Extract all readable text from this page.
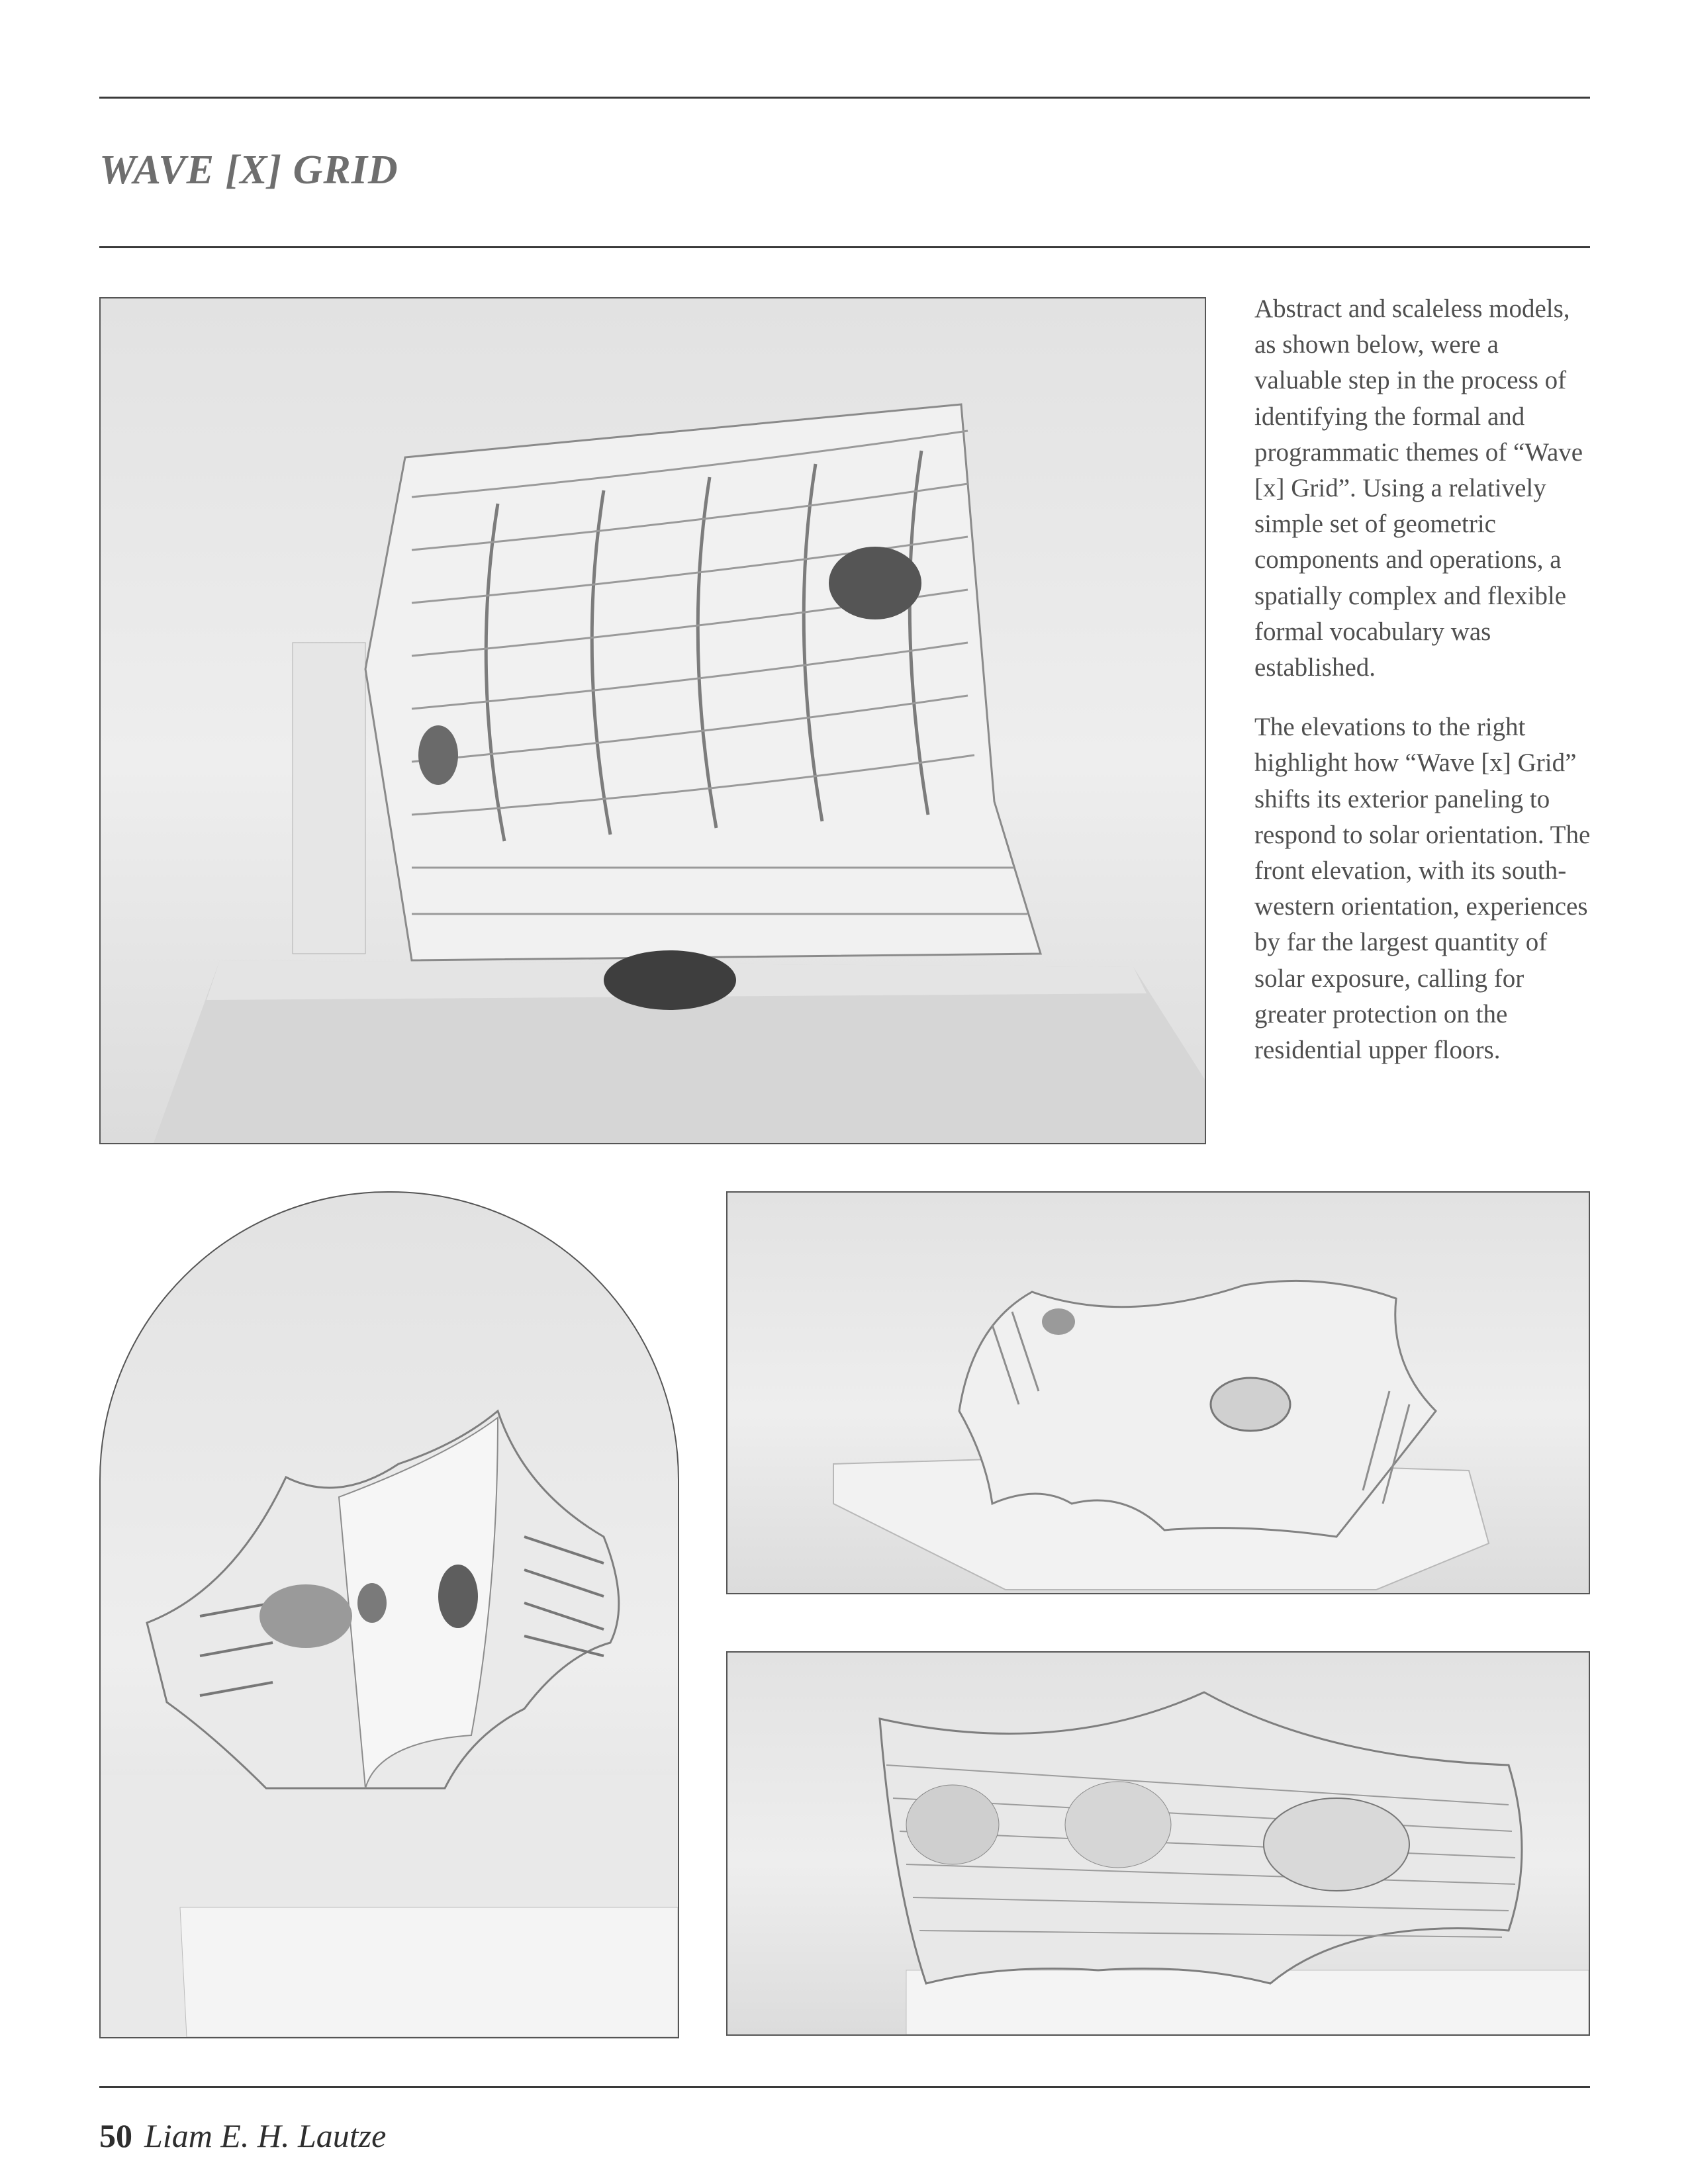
WAVE [X] GRID

Abstract and scaleless models, as shown below, were a valuable step in the process of identifying the formal and programmatic themes of “Wave [x] Grid”. Using a relatively simple set of geometric components and operations, a spatially complex and flexible formal vocabulary was established.

The elevations to the right highlight how “Wave [x] Grid” shifts its exterior paneling to respond to solar orientation. The front elevation, with its south-western orientation, experiences by far the largest quantity of solar exposure, calling for greater protection on the residential upper floors.

50 Liam E. H. Lautze
